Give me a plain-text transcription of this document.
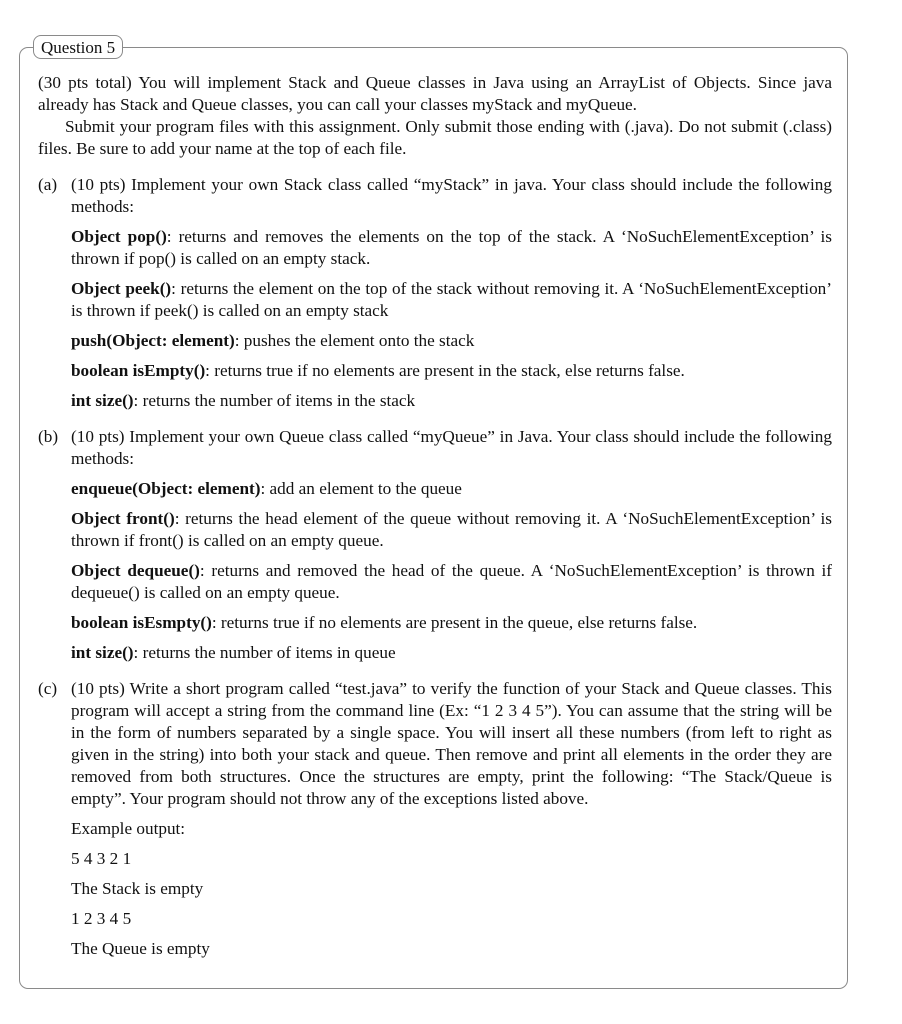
Question 5

(30 pts total) You will implement Stack and Queue classes in Java using an ArrayList of Objects. Since java already has Stack and Queue classes, you can call your classes myStack and myQueue.

Submit your program files with this assignment. Only submit those ending with (.java). Do not submit (.class) files. Be sure to add your name at the top of each file.

(a) (10 pts) Implement your own Stack class called “myStack” in java. Your class should include the following methods:

Object pop(): returns and removes the elements on the top of the stack. A ‘NoSuchElementException’ is thrown if pop() is called on an empty stack.

Object peek(): returns the element on the top of the stack without removing it. A ‘NoSuchElementException’ is thrown if peek() is called on an empty stack

push(Object: element): pushes the element onto the stack

boolean isEmpty(): returns true if no elements are present in the stack, else returns false.

int size(): returns the number of items in the stack

(b) (10 pts) Implement your own Queue class called “myQueue” in Java. Your class should include the following methods:

enqueue(Object: element): add an element to the queue

Object front(): returns the head element of the queue without removing it. A ‘NoSuchElementException’ is thrown if front() is called on an empty queue.

Object dequeue(): returns and removed the head of the queue. A ‘NoSuchElementException’ is thrown if dequeue() is called on an empty queue.

boolean isEsmpty(): returns true if no elements are present in the queue, else returns false.

int size(): returns the number of items in queue

(c) (10 pts) Write a short program called “test.java” to verify the function of your Stack and Queue classes. This program will accept a string from the command line (Ex: “1 2 3 4 5”). You can assume that the string will be in the form of numbers separated by a single space. You will insert all these numbers (from left to right as given in the string) into both your stack and queue. Then remove and print all elements in the order they are removed from both structures. Once the structures are empty, print the following: “The Stack/Queue is empty”. Your program should not throw any of the exceptions listed above.

Example output:

5 4 3 2 1

The Stack is empty

1 2 3 4 5

The Queue is empty
